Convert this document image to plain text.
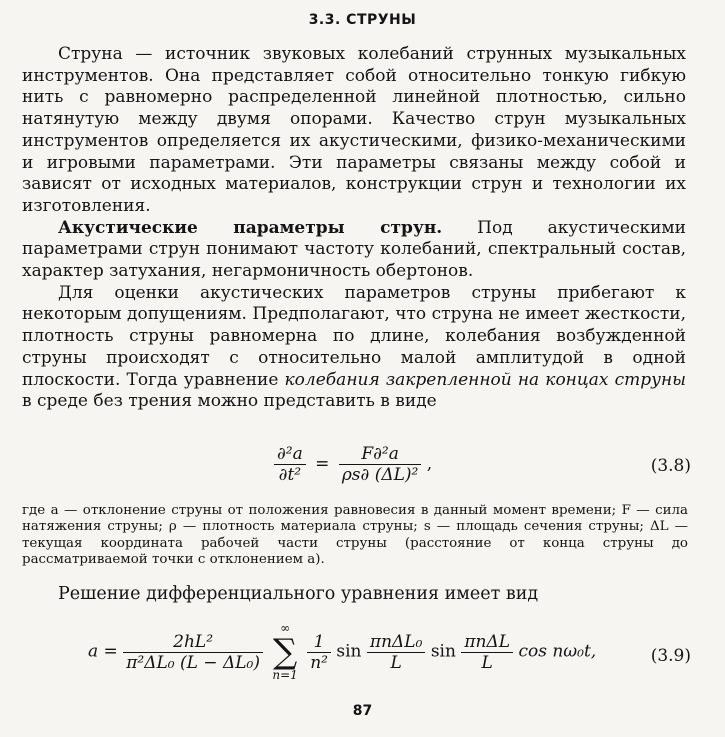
3.3. СТРУНЫ

Струна — источник звуковых колебаний струнных музыкальных инструментов. Она представляет собой относительно тонкую гибкую нить с равномерно распределенной линейной плотностью, сильно натянутую между двумя опорами. Качество струн музыкальных инструментов определяется их акустическими, физико-механическими и игровыми параметрами. Эти параметры связаны между собой и зависят от исходных материалов, конструкции струн и технологии их изготовления.

Акустические параметры струн. Под акустическими параметрами струн понимают частоту колебаний, спектральный состав, характер затухания, негармоничность обертонов.

Для оценки акустических параметров струны прибегают к некоторым допущениям. Предполагают, что струна не имеет жесткости, плотность струны равномерна по длине, колебания возбужденной струны происходят с относительно малой амплитудой в одной плоскости. Тогда уравнение колебания закрепленной на концах струны в среде без трения можно представить в виде

$\frac{\text{∂²a}}{\text{∂t²}} = \frac{\text{F∂²a}}{\text{ρs∂ (ΔL)²}}$ ,	(3.8)

где a — отклонение струны от положения равновесия в данный момент времени; F — сила натяжения струны; ρ — плотность материала струны; s — площадь сечения струны; ΔL — текущая координата рабочей части струны (расстояние от конца струны до рассматриваемой точки с отклонением a).

Решение дифференциального уравнения имеет вид
$a = \frac{\text{2hL²}}{\text{π²ΔL₀ (L − ΔL₀)}}$

∞
∑
n=1

$\frac{1}{\text{n²}}$ $\sin \frac{\text{πnΔL₀}}{L}$ $\sin \frac{\text{πnΔL}}{L}$ cos nω₀t,	(3.9)
87
